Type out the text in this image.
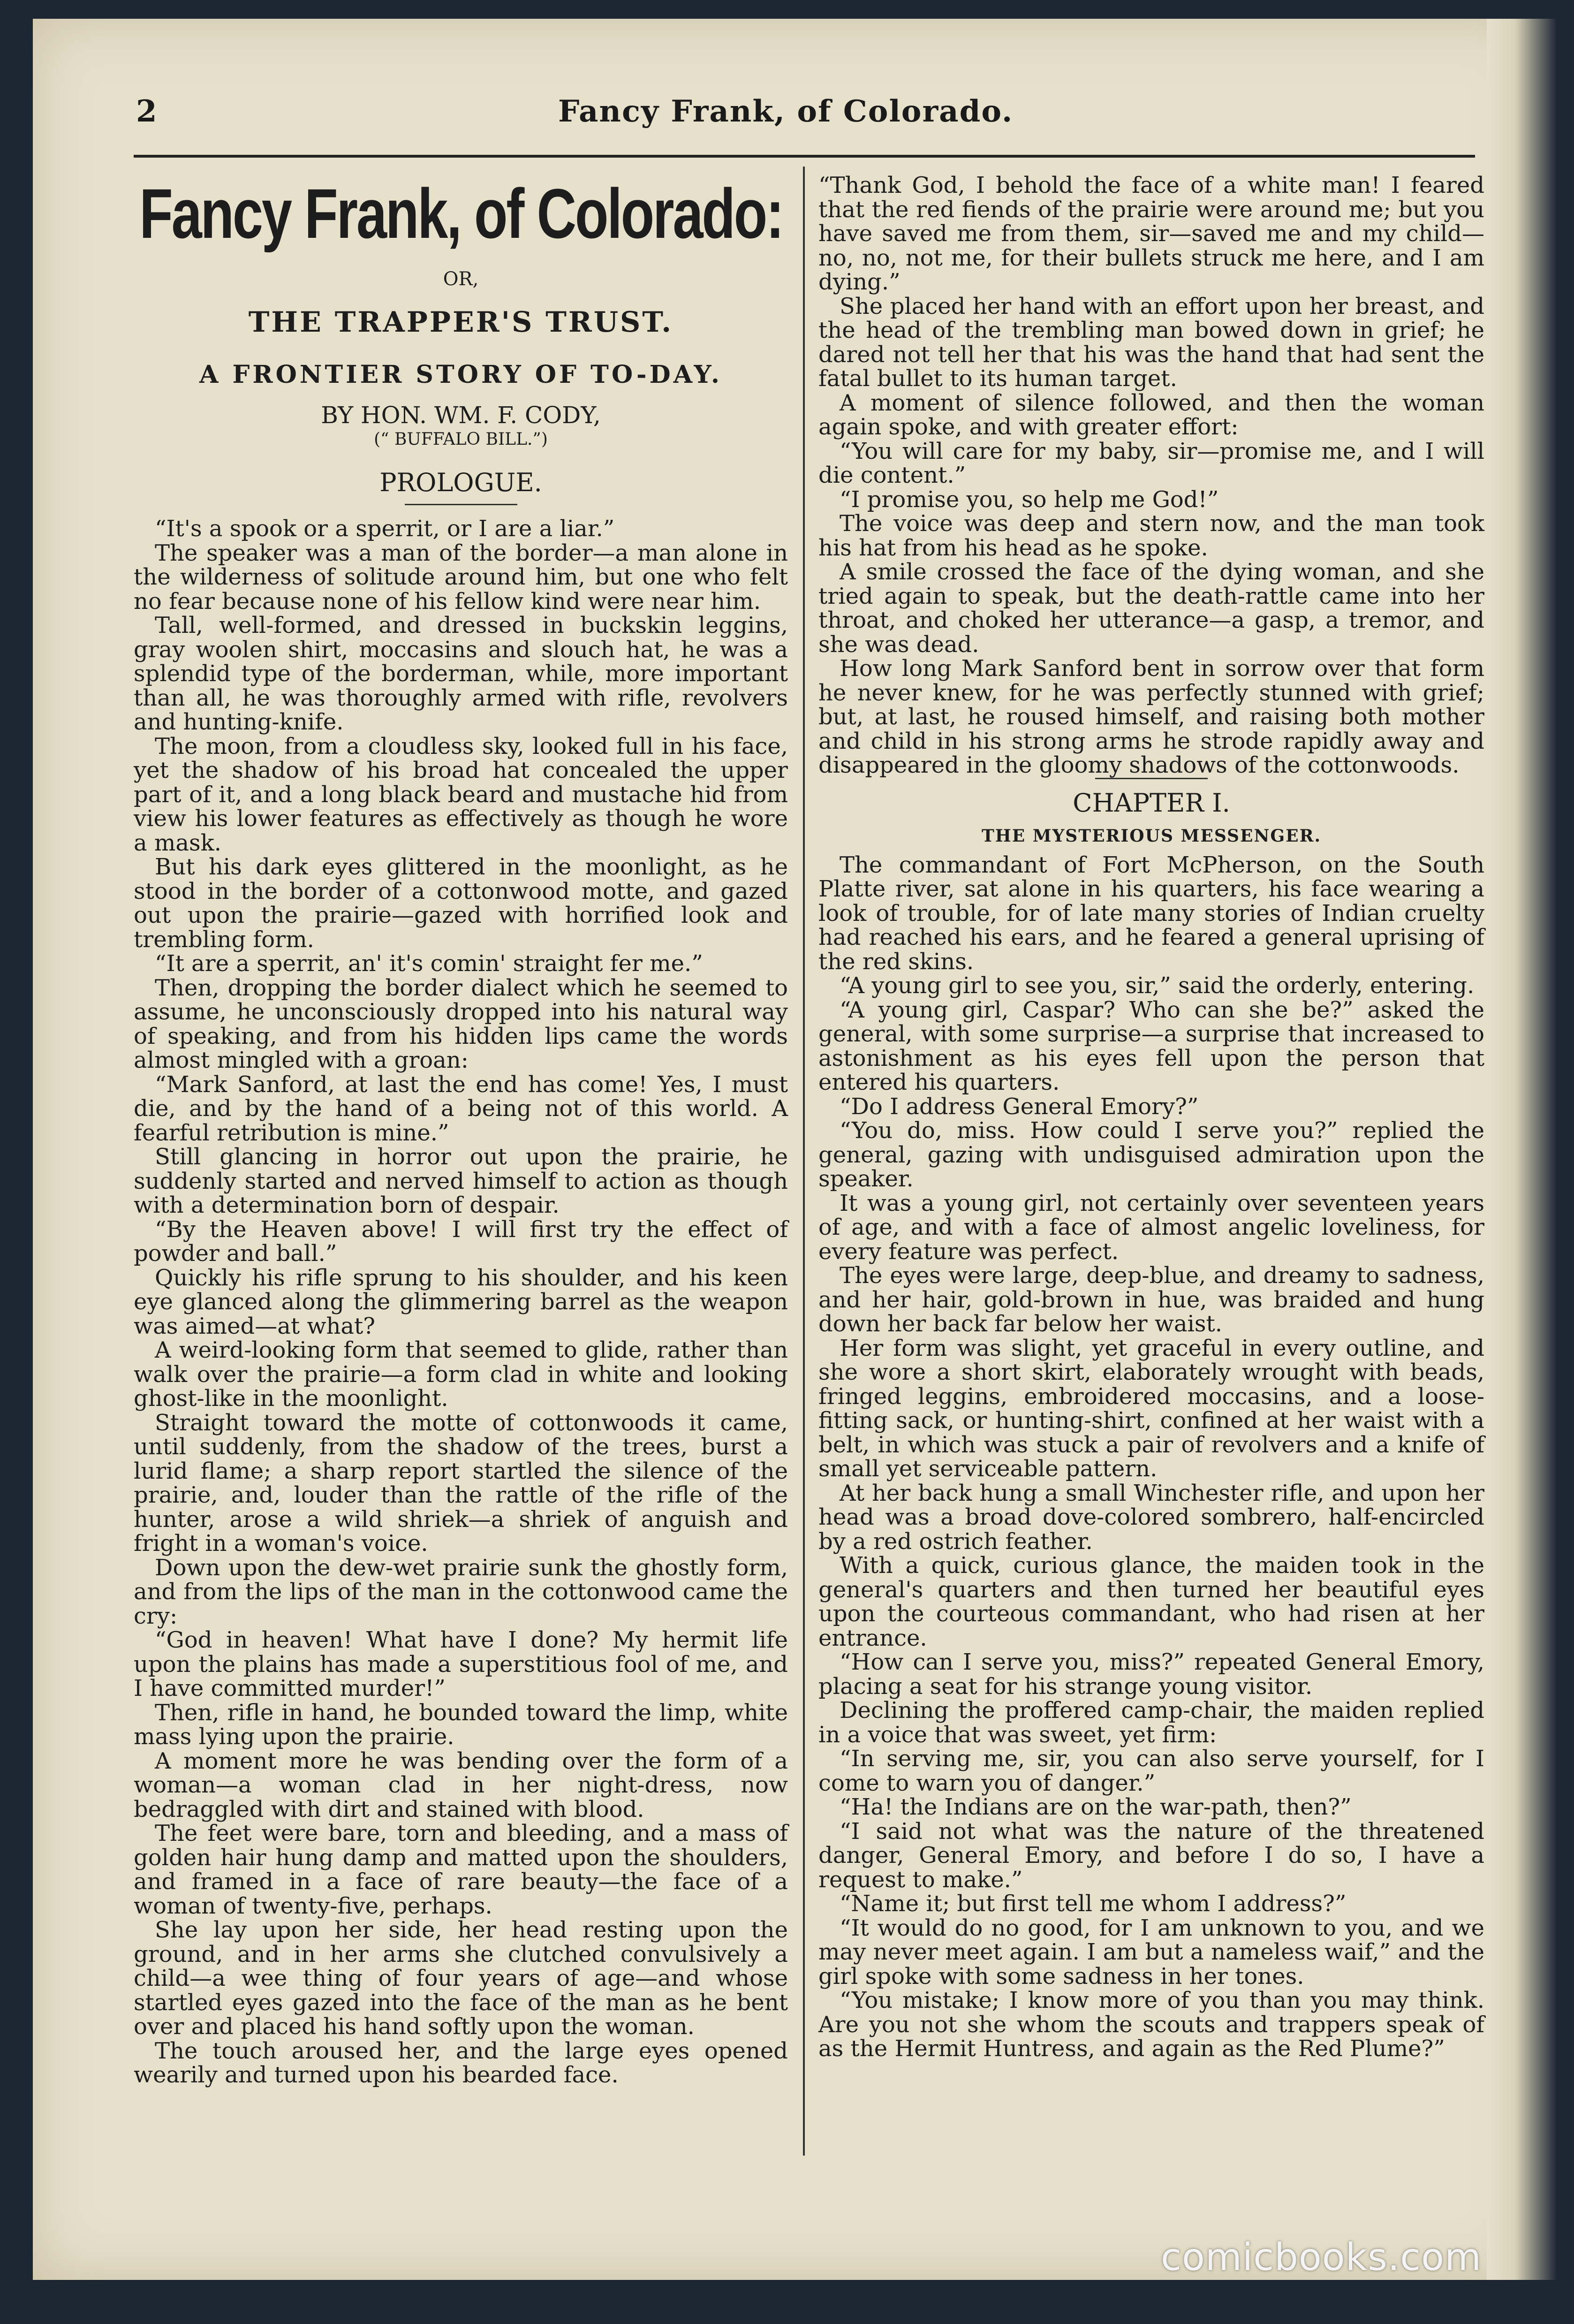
2	Fancy Frank, of Colorado.
Fancy Frank, of Colorado:
OR,
THE TRAPPER'S TRUST.
A FRONTIER STORY OF TO-DAY.
BY HON. WM. F. CODY,
(“ BUFFALO BILL.”)
PROLOGUE.

“It's a spook or a sperrit, or I are a liar.”

The speaker was a man of the border—a man alone in the wilderness of solitude around him, but one who felt no fear because none of his fellow kind were near him.

Tall, well-formed, and dressed in buckskin leggins, gray woolen shirt, moccasins and slouch hat, he was a splendid type of the borderman, while, more important than all, he was thoroughly armed with rifle, revolvers and hunting-knife.

The moon, from a cloudless sky, looked full in his face, yet the shadow of his broad hat concealed the upper part of it, and a long black beard and mustache hid from view his lower features as effectively as though he wore a mask.

But his dark eyes glittered in the moonlight, as he stood in the border of a cottonwood motte, and gazed out upon the prairie—gazed with horrified look and trembling form.

“It are a sperrit, an' it's comin' straight fer me.”

Then, dropping the border dialect which he seemed to assume, he unconsciously dropped into his natural way of speaking, and from his hidden lips came the words almost mingled with a groan:

“Mark Sanford, at last the end has come! Yes, I must die, and by the hand of a being not of this world. A fearful retribution is mine.”

Still glancing in horror out upon the prairie, he suddenly started and nerved himself to action as though with a determination born of despair.

“By the Heaven above! I will first try the effect of powder and ball.”

Quickly his rifle sprung to his shoulder, and his keen eye glanced along the glimmering barrel as the weapon was aimed—at what?

A weird-looking form that seemed to glide, rather than walk over the prairie—a form clad in white and looking ghost-like in the moonlight.

Straight toward the motte of cottonwoods it came, until suddenly, from the shadow of the trees, burst a lurid flame; a sharp report startled the silence of the prairie, and, louder than the rattle of the rifle of the hunter, arose a wild shriek—a shriek of anguish and fright in a woman's voice.

Down upon the dew-wet prairie sunk the ghostly form, and from the lips of the man in the cottonwood came the cry:

“God in heaven! What have I done? My hermit life upon the plains has made a superstitious fool of me, and I have committed murder!”

Then, rifle in hand, he bounded toward the limp, white mass lying upon the prairie.

A moment more he was bending over the form of a woman—a woman clad in her night-dress, now bedraggled with dirt and stained with blood.

The feet were bare, torn and bleeding, and a mass of golden hair hung damp and matted upon the shoulders, and framed in a face of rare beauty—the face of a woman of twenty-five, perhaps.

She lay upon her side, her head resting upon the ground, and in her arms she clutched convulsively a child—a wee thing of four years of age—and whose startled eyes gazed into the face of the man as he bent over and placed his hand softly upon the woman.

The touch aroused her, and the large eyes opened wearily and turned upon his bearded face.

“Thank God, I behold the face of a white man! I feared that the red fiends of the prairie were around me; but you have saved me from them, sir—saved me and my child—no, no, not me, for their bullets struck me here, and I am dying.”

She placed her hand with an effort upon her breast, and the head of the trembling man bowed down in grief; he dared not tell her that his was the hand that had sent the fatal bullet to its human target.

A moment of silence followed, and then the woman again spoke, and with greater effort:

“You will care for my baby, sir—promise me, and I will die content.”

“I promise you, so help me God!”

The voice was deep and stern now, and the man took his hat from his head as he spoke.

A smile crossed the face of the dying woman, and she tried again to speak, but the death-rattle came into her throat, and choked her utterance—a gasp, a tremor, and she was dead.

How long Mark Sanford bent in sorrow over that form he never knew, for he was perfectly stunned with grief; but, at last, he roused himself, and raising both mother and child in his strong arms he strode rapidly away and disappeared in the gloomy shadows of the cottonwoods.

CHAPTER I.
THE MYSTERIOUS MESSENGER.

The commandant of Fort McPherson, on the South Platte river, sat alone in his quarters, his face wearing a look of trouble, for of late many stories of Indian cruelty had reached his ears, and he feared a general uprising of the red skins.

“A young girl to see you, sir,” said the orderly, entering.

“A young girl, Caspar? Who can she be?” asked the general, with some surprise—a surprise that increased to astonishment as his eyes fell upon the person that entered his quarters.

“Do I address General Emory?”

“You do, miss. How could I serve you?” replied the general, gazing with undisguised admiration upon the speaker.

It was a young girl, not certainly over seventeen years of age, and with a face of almost angelic loveliness, for every feature was perfect.

The eyes were large, deep-blue, and dreamy to sadness, and her hair, gold-brown in hue, was braided and hung down her back far below her waist.

Her form was slight, yet graceful in every outline, and she wore a short skirt, elaborately wrought with beads, fringed leggins, embroidered moccasins, and a loose-fitting sack, or hunting-shirt, confined at her waist with a belt, in which was stuck a pair of revolvers and a knife of small yet serviceable pattern.

At her back hung a small Winchester rifle, and upon her head was a broad dove-colored sombrero, half-encircled by a red ostrich feather.

With a quick, curious glance, the maiden took in the general's quarters and then turned her beautiful eyes upon the courteous commandant, who had risen at her entrance.

“How can I serve you, miss?” repeated General Emory, placing a seat for his strange young visitor.

Declining the proffered camp-chair, the maiden replied in a voice that was sweet, yet firm:

“In serving me, sir, you can also serve yourself, for I come to warn you of danger.”

“Ha! the Indians are on the war-path, then?”

“I said not what was the nature of the threatened danger, General Emory, and before I do so, I have a request to make.”

“Name it; but first tell me whom I address?”

“It would do no good, for I am unknown to you, and we may never meet again. I am but a nameless waif,” and the girl spoke with some sadness in her tones.

“You mistake; I know more of you than you may think. Are you not she whom the scouts and trappers speak of as the Hermit Huntress, and again as the Red Plume?”

comicbooks.com
